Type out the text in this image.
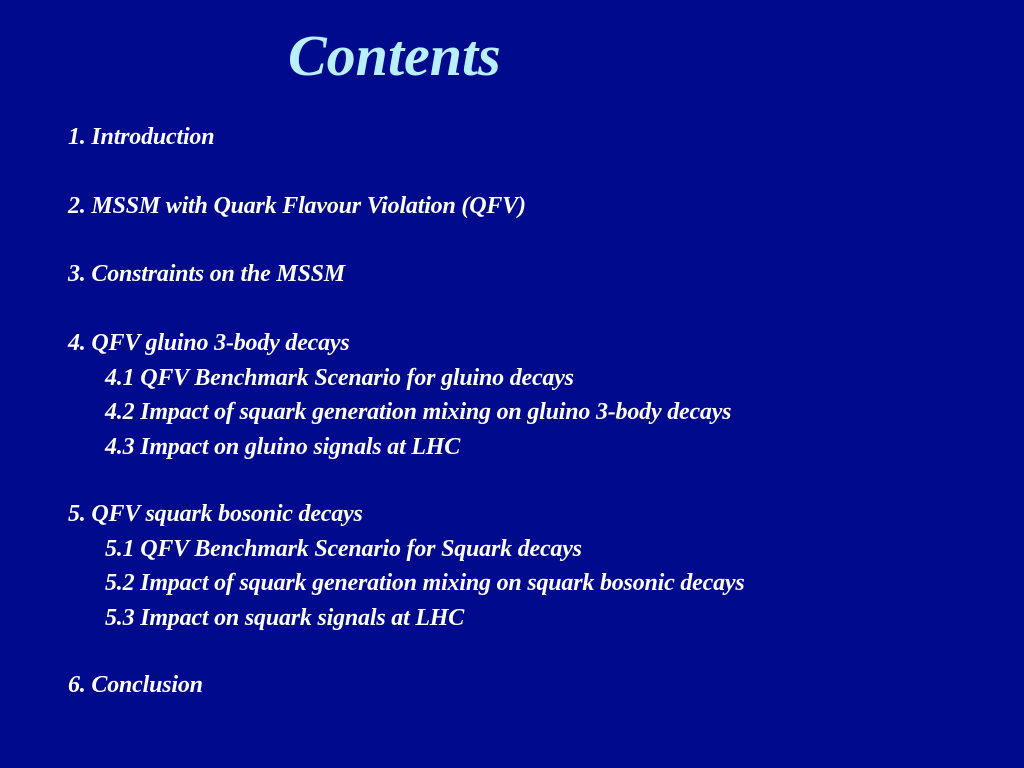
Contents
1. Introduction
2. MSSM with Quark Flavour Violation (QFV)
3. Constraints on the MSSM
4. QFV gluino 3-body decays
4.1 QFV Benchmark Scenario for gluino decays
4.2 Impact of squark generation mixing on gluino 3-body decays
4.3 Impact on gluino signals at LHC
5. QFV squark bosonic decays
5.1 QFV Benchmark Scenario for Squark decays
5.2 Impact of squark generation mixing on squark bosonic decays
5.3 Impact on squark signals at LHC
6. Conclusion
